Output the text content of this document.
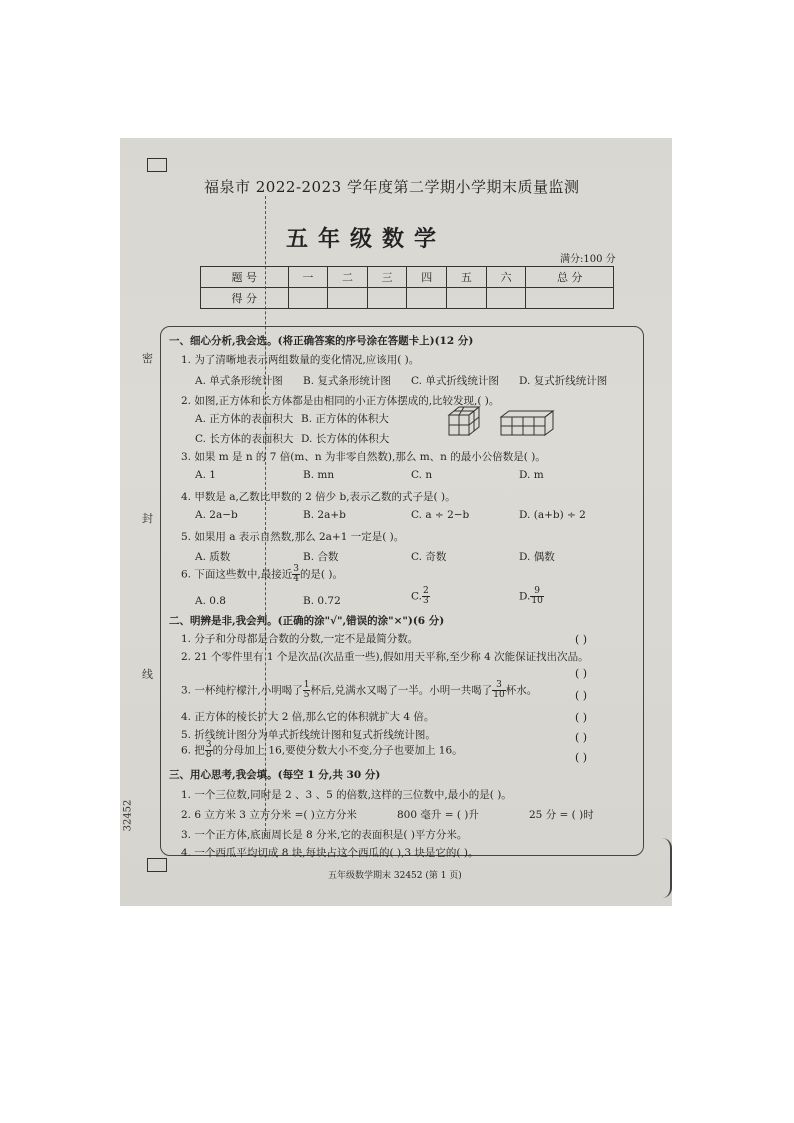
密
封
线
32452
福泉市 2022-2023 学年度第二学期小学期末质量监测
五年级数学
满分:100 分
题 号	一	二	三	四	五	六	总 分
得 分							
一、细心分析,我会选。(将正确答案的序号涂在答题卡上)(12 分)
1. 为了清晰地表示两组数量的变化情况,应该用( )。
A. 单式条形统计图 B. 复式条形统计图 C. 单式折线统计图 D. 复式折线统计图
2. 如图,正方体和长方体都是由相同的小正方体摆成的,比较发现,( )。
A. 正方体的表面积大 B. 正方体的体积大
C. 长方体的表面积大 D. 长方体的体积大
3. 如果 m 是 n 的 7 倍(m、n 为非零自然数),那么 m、n 的最小公倍数是( )。
A. 1	B. mn	C. n	D. m
4. 甲数是 a,乙数比甲数的 2 倍少 b,表示乙数的式子是( )。
A. 2a−b	B. 2a+b	C. a ÷ 2−b	D. (a+b) ÷ 2
5. 如果用 a 表示自然数,那么 2a+1 一定是( )。
A. 质数	B. 合数	C. 奇数	D. 偶数
6. 下面这些数中,最接近 $\frac{3}{4}$ 的是( )。
A. 0.8	B. 0.72	C. $\frac{2}{3}$	D. $\frac{9}{10}$
二、明辨是非,我会判。(正确的涂"√",错误的涂"×")(6 分)
1. 分子和分母都是合数的分数,一定不是最简分数。	( )
2. 21 个零件里有 1 个是次品(次品重一些),假如用天平称,至少称 4 次能保证找出次品。
( )
3. 一杯纯柠檬汁,小明喝了 $\frac{1}{5}$ 杯后,兑满水又喝了一半。小明一共喝了 $\frac{3}{10}$ 杯水。	( )
4. 正方体的棱长扩大 2 倍,那么它的体积就扩大 4 倍。	( )
5. 折线统计图分为单式折线统计图和复式折线统计图。	( )
6. 把 $\frac{3}{8}$ 的分母加上 16,要使分数大小不变,分子也要加上 16。
( )
三、用心思考,我会填。(每空 1 分,共 30 分)
1. 一个三位数,同时是 2 、3 、5 的倍数,这样的三位数中,最小的是( )。
2. 6 立方米 3 立方分米 =( )立方分米	800 毫升 = ( )升	25 分 = ( )时
3. 一个正方体,底面周长是 8 分米,它的表面积是( )平方分米。
4. 一个西瓜平均切成 8 块,每块占这个西瓜的( ),3 块是它的( )。
五年级数学期末 32452 (第 1 页)
